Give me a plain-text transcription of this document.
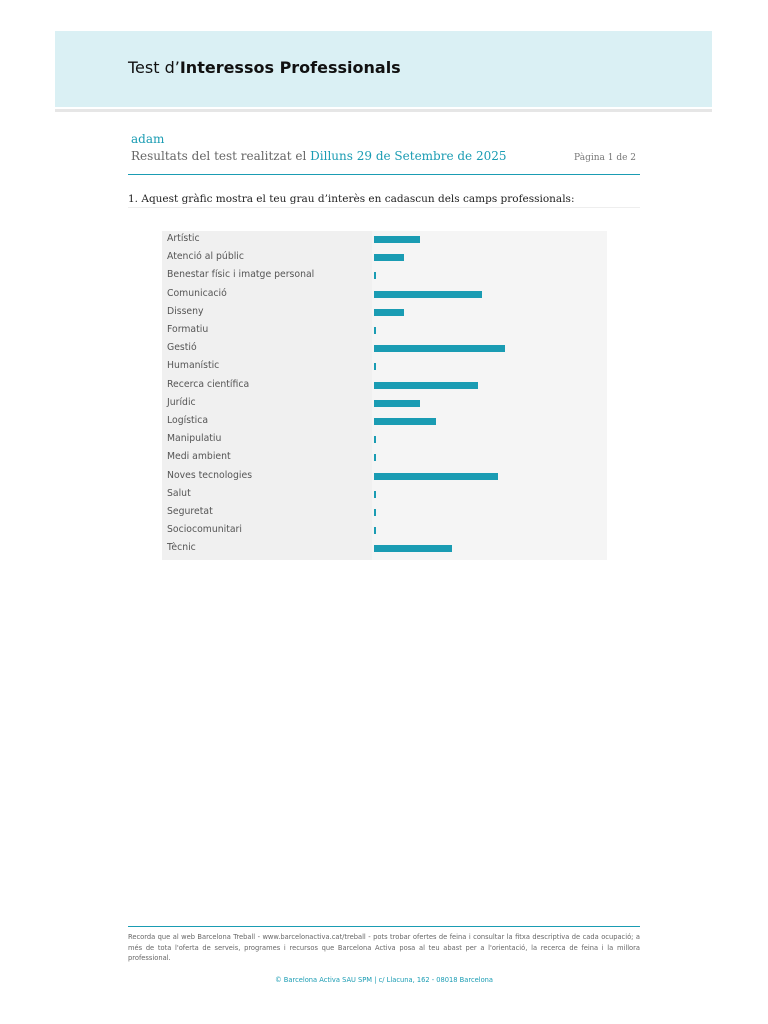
Test d’Interessos Professionals
adam
Resultats del test realitzat el Dilluns 29 de Setembre de 2025	Pàgina 1 de 2
1. Aquest gràfic mostra el teu grau d’interès en cadascun dels camps professionals:
Artístic
Atenció al públic
Benestar físic i imatge personal
Comunicació
Disseny
Formatiu
Gestió
Humanístic
Recerca científica
Jurídic
Logística
Manipulatiu
Medi ambient
Noves tecnologies
Salut
Seguretat
Sociocomunitari
Tècnic
Recorda que al web Barcelona Treball - www.barcelonactiva.cat/treball - pots trobar ofertes de feina i consultar la fitxa descriptiva de cada ocupació; a més de tota l'oferta de serveis, programes i recursos que Barcelona Activa posa al teu abast per a l'orientació, la recerca de feina i la millora professional.
© Barcelona Activa SAU SPM | c/ Llacuna, 162 - 08018 Barcelona
